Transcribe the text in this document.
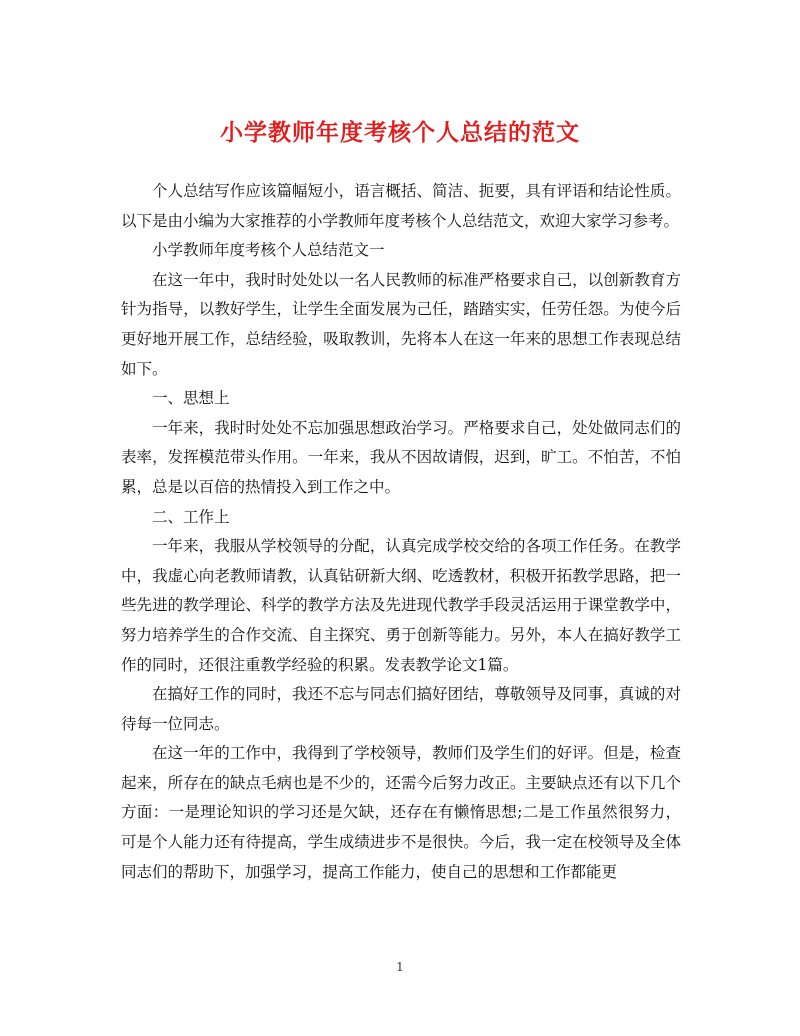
小学教师年度考核个人总结的范文

个人总结写作应该篇幅短小，语言概括、简洁、扼要，具有评语和结论性质。以下是由小编为大家推荐的小学教师年度考核个人总结范文，欢迎大家学习参考。

小学教师年度考核个人总结范文一

在这一年中，我时时处处以一名人民教师的标准严格要求自己，以创新教育方针为指导，以教好学生，让学生全面发展为己任，踏踏实实，任劳任怨。为使今后更好地开展工作，总结经验，吸取教训，先将本人在这一年来的思想工作表现总结如下。

一、思想上

一年来，我时时处处不忘加强思想政治学习。严格要求自己，处处做同志们的表率，发挥模范带头作用。一年来，我从不因故请假，迟到，旷工。不怕苦，不怕累，总是以百倍的热情投入到工作之中。

二、工作上

一年来，我服从学校领导的分配，认真完成学校交给的各项工作任务。在教学中，我虚心向老教师请教，认真钻研新大纲、吃透教材，积极开拓教学思路，把一些先进的教学理论、科学的教学方法及先进现代教学手段灵活运用于课堂教学中，努力培养学生的合作交流、自主探究、勇于创新等能力。另外，本人在搞好教学工作的同时，还很注重教学经验的积累。发表教学论文1篇。

在搞好工作的同时，我还不忘与同志们搞好团结，尊敬领导及同事，真诚的对待每一位同志。

在这一年的工作中，我得到了学校领导，教师们及学生们的好评。但是，检查起来，所存在的缺点毛病也是不少的，还需今后努力改正。主要缺点还有以下几个方面：一是理论知识的学习还是欠缺，还存在有懒惰思想;二是工作虽然很努力，可是个人能力还有待提高，学生成绩进步不是很快。今后，我一定在校领导及全体同志们的帮助下，加强学习，提高工作能力，使自己的思想和工作都能更

1
